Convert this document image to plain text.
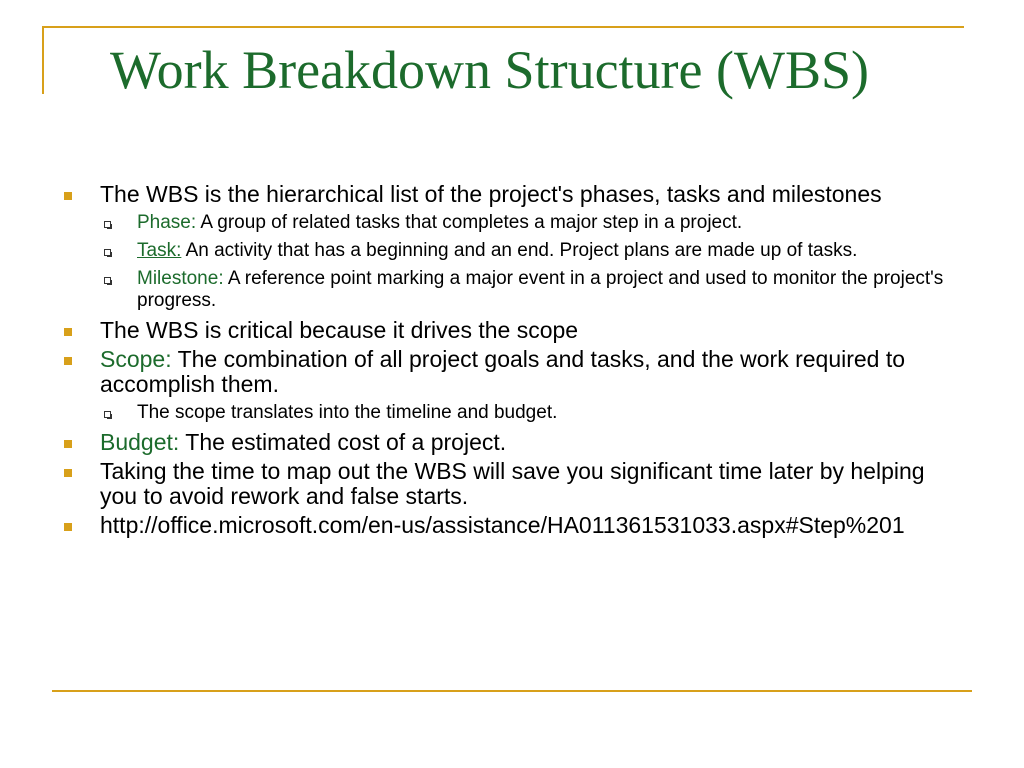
Work Breakdown Structure (WBS)
The WBS is the hierarchical list of the project's phases, tasks and milestones
Phase: A group of related tasks that completes a major step in a project.
Task: An activity that has a beginning and an end. Project plans are made up of tasks.
Milestone: A reference point marking a major event in a project and used to monitor the project's progress.
The WBS is critical because it drives the scope
Scope: The combination of all project goals and tasks, and the work required to accomplish them.
The scope translates into the timeline and budget.
Budget: The estimated cost of a project.
Taking the time to map out the WBS will save you significant time later by helping you to avoid rework and false starts.
http://office.microsoft.com/en-us/assistance/HA011361531033.aspx#Step%201
